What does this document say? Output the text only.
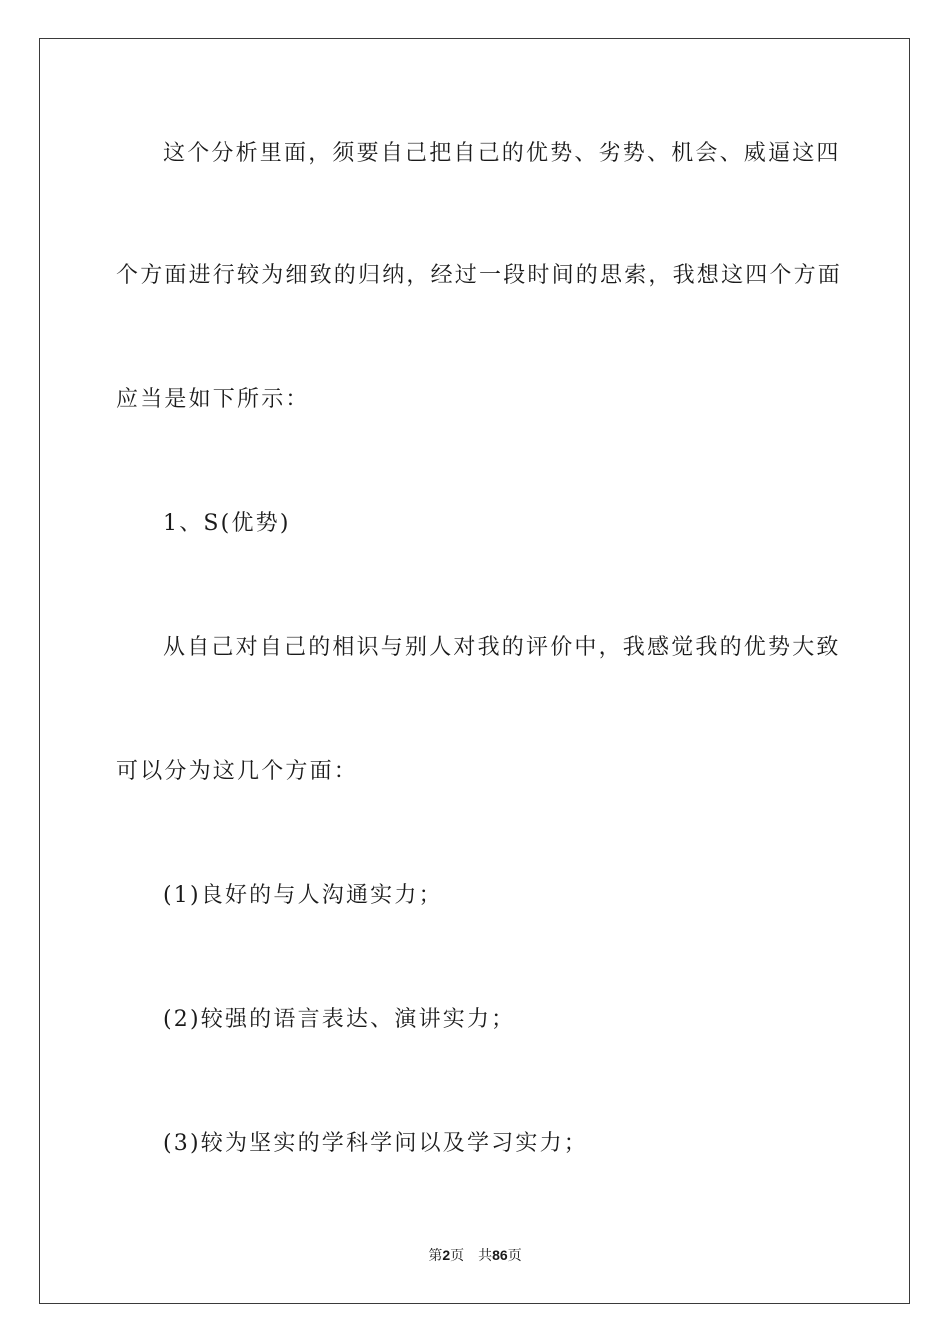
这个分析里面，须要自己把自己的优势、劣势、机会、威逼这四
个方面进行较为细致的归纳，经过一段时间的思索，我想这四个方面
应当是如下所示：
1、S(优势)
从自己对自己的相识与别人对我的评价中，我感觉我的优势大致
可以分为这几个方面：
(1)良好的与人沟通实力；
(2)较强的语言表达、演讲实力；
(3)较为坚实的学科学问以及学习实力；
第2页 共86页
